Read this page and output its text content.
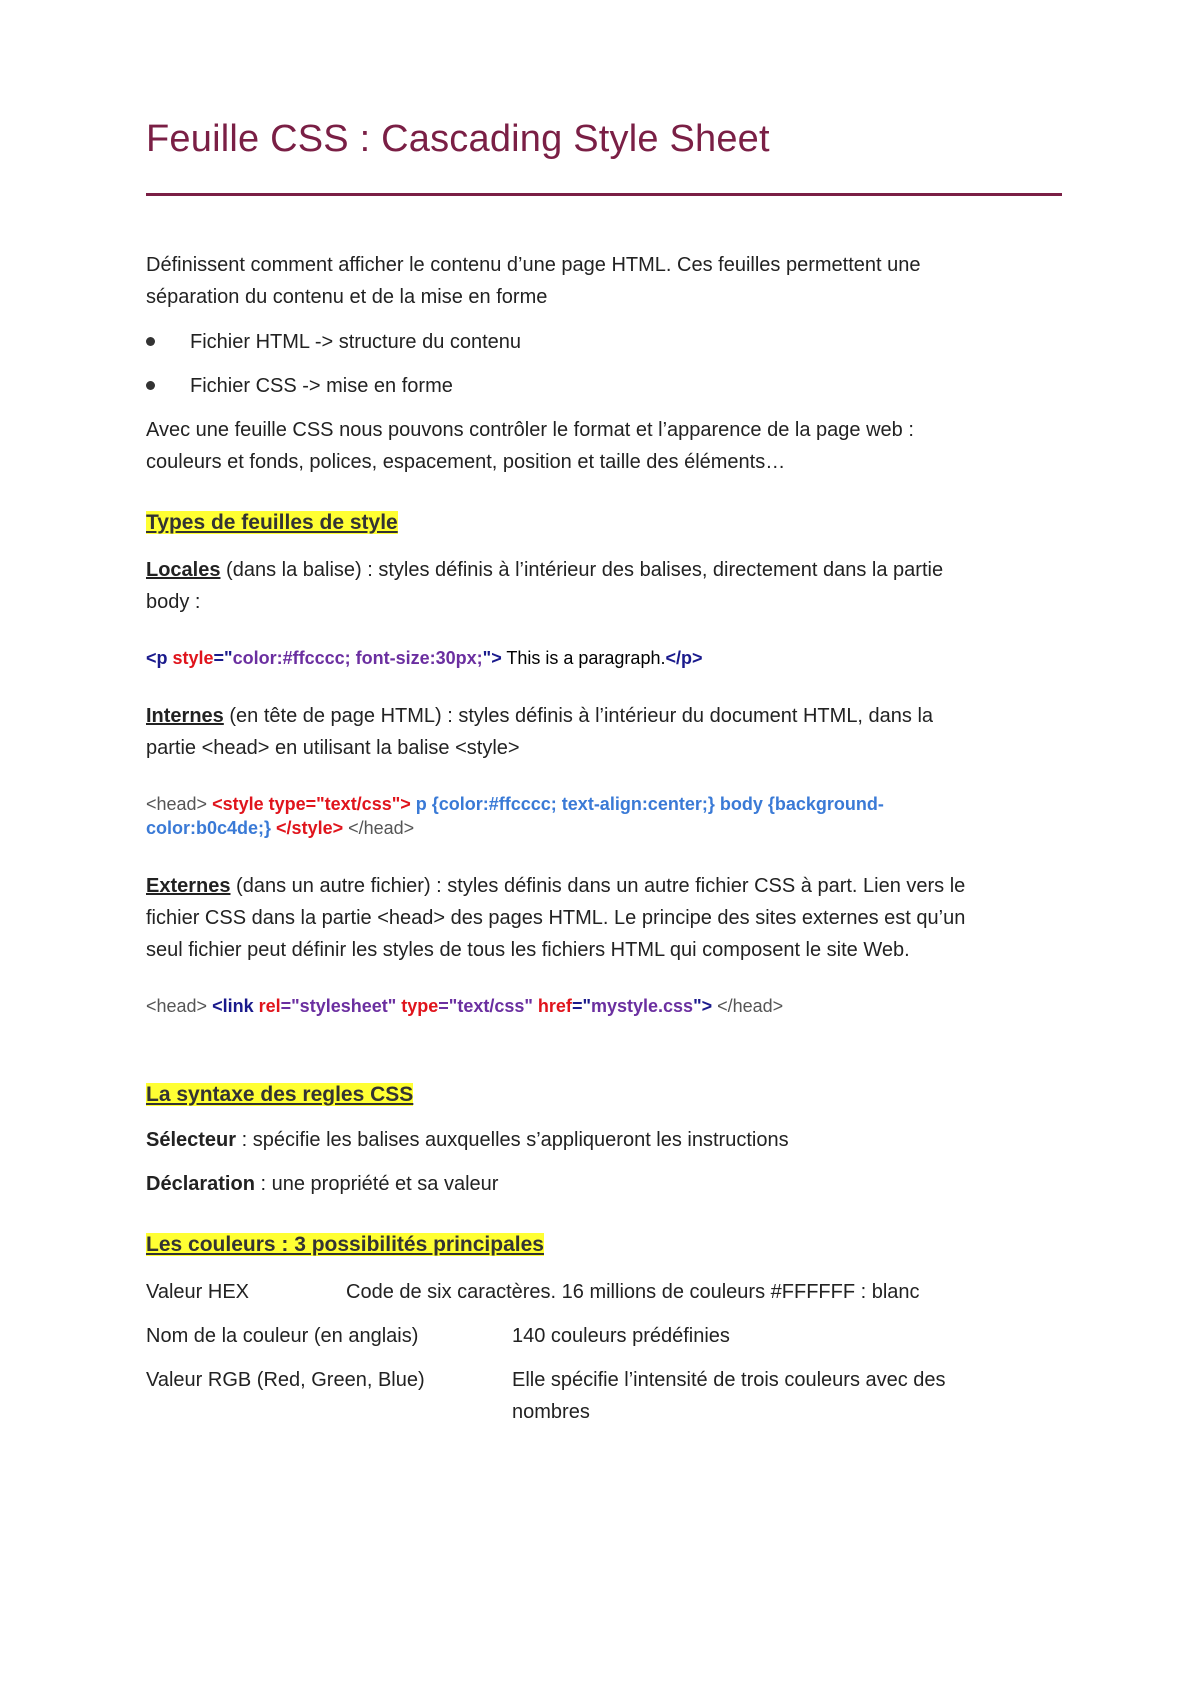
Feuille CSS : Cascading Style Sheet

Définissent comment afficher le contenu d’une page HTML. Ces feuilles permettent une

séparation du contenu et de la mise en forme

Fichier HTML -> structure du contenu
Fichier CSS -> mise en forme

Avec une feuille CSS nous pouvons contrôler le format et l’apparence de la page web :

couleurs et fonds, polices, espacement, position et taille des éléments…

Types de feuilles de style

Locales (dans la balise) : styles définis à l’intérieur des balises, directement dans la partie

body :

<p style="color:#ffcccc; font-size:30px;"> This is a paragraph.</p>

Internes (en tête de page HTML) : styles définis à l’intérieur du document HTML, dans la

partie <head> en utilisant la balise <style>

<head> <style type="text/css"> p {color:#ffcccc; text-align:center;} body {background-
color:b0c4de;} </style> </head>

Externes (dans un autre fichier) : styles définis dans un autre fichier CSS à part. Lien vers le

fichier CSS dans la partie <head> des pages HTML. Le principe des sites externes est qu’un

seul fichier peut définir les styles de tous les fichiers HTML qui composent le site Web.

<head> <link rel="stylesheet" type="text/css" href="mystyle.css"> </head>
La syntaxe des regles CSS

Sélecteur : spécifie les balises auxquelles s’appliqueront les instructions

Déclaration : une propriété et sa valeur

Les couleurs : 3 possibilités principales
Valeur HEX	Code de six caractères. 16 millions de couleurs #FFFFFF : blanc
Nom de la couleur (en anglais)	140 couleurs prédéfinies
Valeur RGB (Red, Green, Blue)	Elle spécifie l’intensité de trois couleurs avec des
nombres
